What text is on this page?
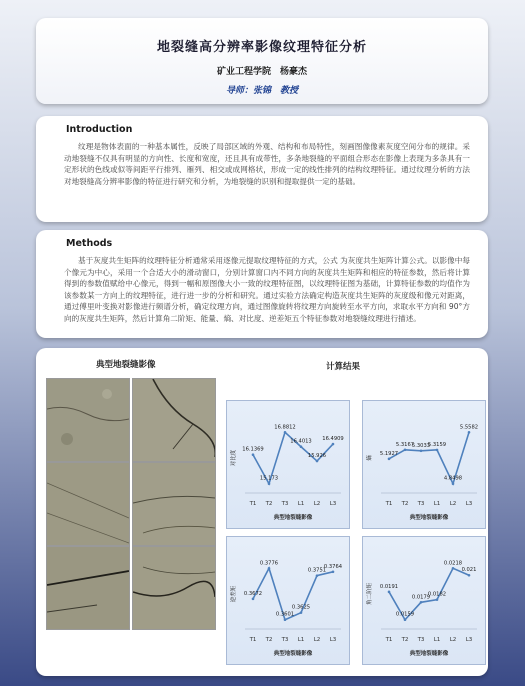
地裂缝高分辨率影像纹理特征分析
矿业工程学院　杨豪杰
导师：张锦　教授
Introduction
纹理是物体表面的一种基本属性，反映了局部区域的外观、结构和布局特性，刻画图像像素灰度空间分布的规律。采动地裂缝不仅具有明显的方向性、长度和宽度，还且具有成带性，多条地裂缝的平面组合形态在影像上表现为多条具有一定形状的色线或似等间距平行排列、雁列、相交或成网格状，形成一定的线性排列的结构纹理特征。通过纹理分析的方法对地裂缝高分辨率影像的特征进行研究和分析，为地裂缝的识别和提取提供一定的基础。
Methods
基于灰度共生矩阵的纹理特征分析通常采用逐像元提取纹理特征的方式，公式 为灰度共生矩阵计算公式。以影像中每个像元为中心，采用一个合适大小的滑动窗口，分别计算窗口内不同方向的灰度共生矩阵和相应的特征参数，然后将计算得到的参数值赋给中心像元，得到一幅和原图像大小一致的纹理特征图，以纹理特征图为基础，计算特征参数的均值作为该参数某一方向上的纹理特征，进行进一步的分析和研究。通过实验方法确定构造灰度共生矩阵的灰度级和像元对距离，通过傅里叶变换对影像进行频谱分析，确定纹理方向，通过图像旋转将纹理方向旋转至水平方向，求取水平方向和 90°方向的灰度共生矩阵，然后计算角二阶矩、能量、熵、对比度、逆差矩五个特征参数对地裂缝纹理进行描述。
典型地裂缝影像	计算结果
16.1369
T1
15.173
T2
16.8812
T3
16.4013
L1
15.926
L2
16.4909
L3
典型地裂缝影像
对比度	5.1927
T1
5.3167
T2
5.3033
T3
5.3159
L1
4.8498
L2
5.5582
L3
典型地裂缝影像
熵
0.3672
T1
0.3776
T2
0.3601
T3
0.3625
L1
0.3751
L2
0.3764
L3
典型地裂缝影像
逆差矩	0.0191
T1
0.0159
T2
0.0179
T3
0.0182
L1
0.0218
L2
0.021
L3
典型地裂缝影像
角二阶矩
